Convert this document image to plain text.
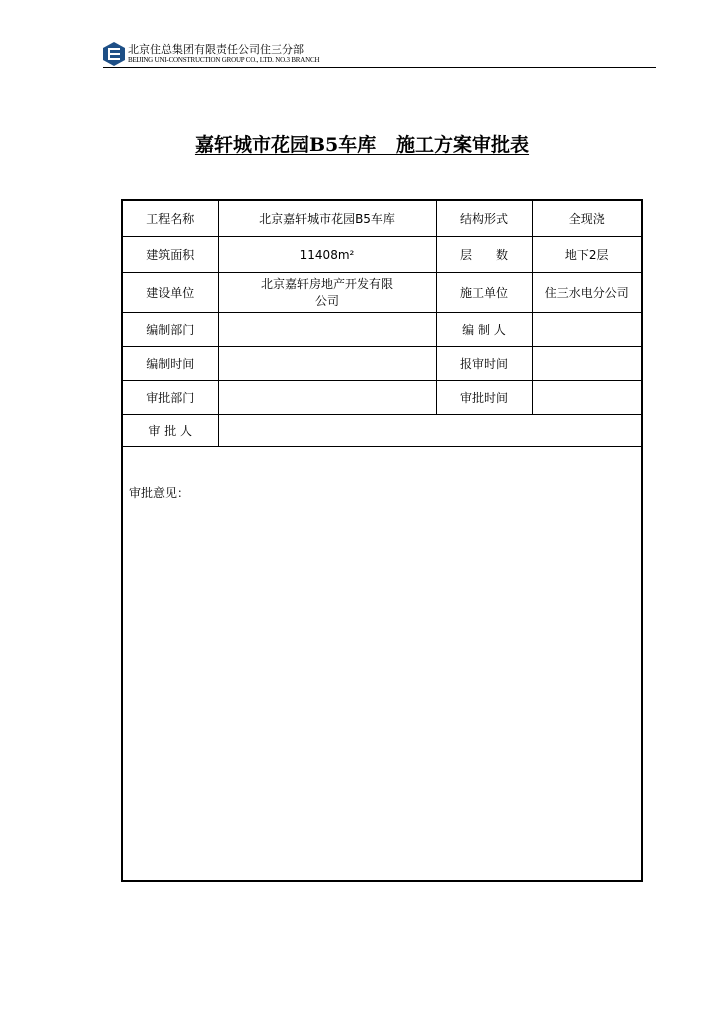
北京住总集团有限责任公司住三分部
BEIJING UNI-CONSTRUCTION GROUP CO., LTD. NO.3 BRANCH
嘉轩城市花园B5车库   施工方案审批表
工程名称	北京嘉轩城市花园B5车库	结构形式	全现浇
建筑面积	11408m²	层　　数	地下2层
建设单位	北京嘉轩房地产开发有限公司	施工单位	住三水电分公司
编制部门		编 制 人	
编制时间		报审时间	
审批部门		审批时间	
审 批 人			

审批意见：			
